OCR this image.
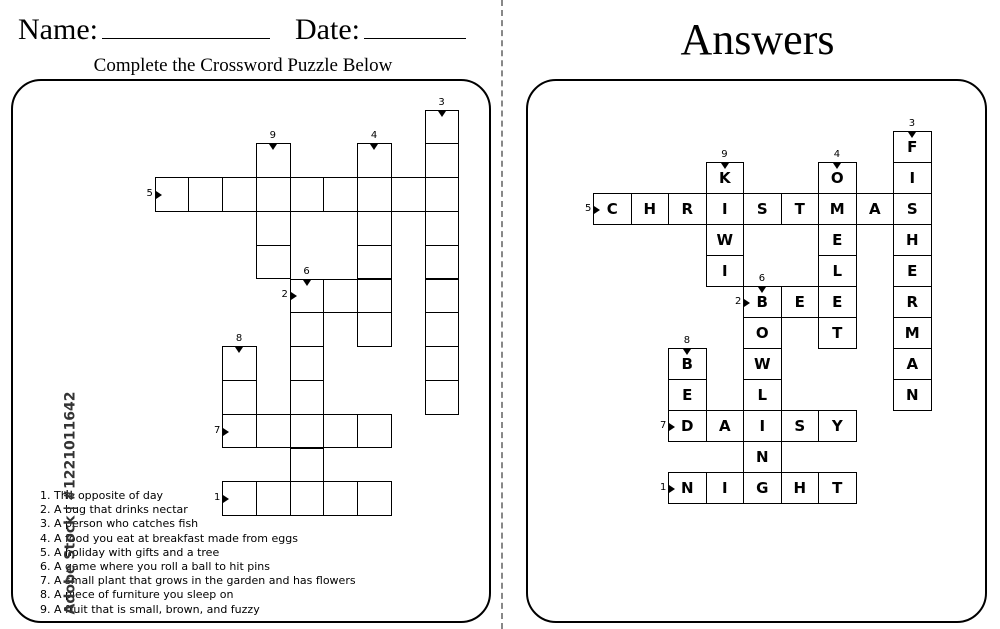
Name:	Date:
Complete the Crossword Puzzle Below
Answers
1
2
3
4
5
6
7
8
9
N	I	G	H	T
B	E	E
F
I
S
H
E
R
M
A
N
O
M
E
L
T
C	H	R	I	S	T	A
O
W
L
I
N
D	A	S	Y
B
E
K
W
I
1
2
3
4
5
6
7
8
9
1. The opposite of day
2. A bug that drinks nectar
3. A person who catches fish
4. A food you eat at breakfast made from eggs
5. A holiday with gifts and a tree
6. A game where you roll a ball to hit pins
7. A small plant that grows in the garden and has flowers
8. A piece of furniture you sleep on
9. A fruit that is small, brown, and fuzzy
Adobe Stock | #1221011642
